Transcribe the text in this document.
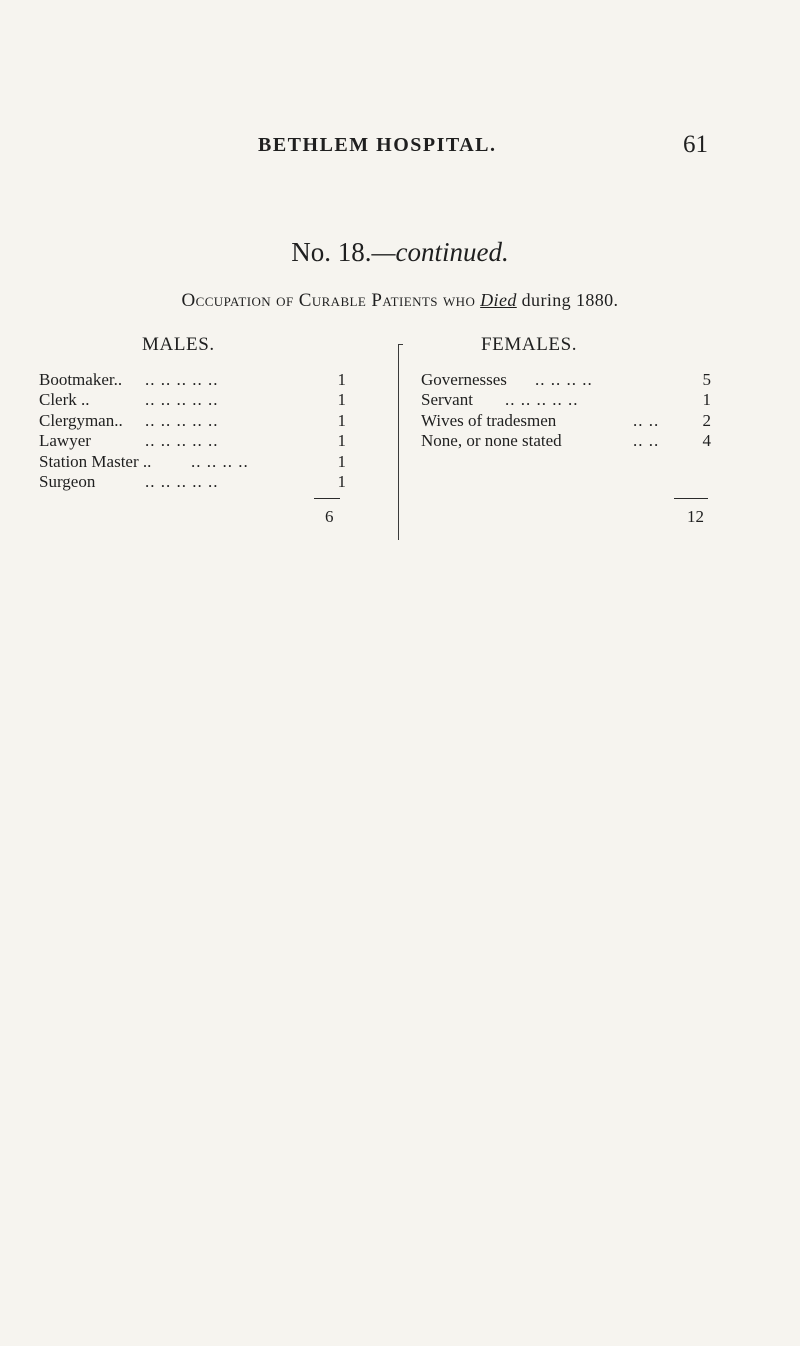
BETHLEM HOSPITAL.	61
No. 18.—continued.
Occupation of Curable Patients who Died during 1880.
MALES.	FEMALES.
Bootmaker.. .. .. .. .. ..	1
Clerk ..	.. .. .. .. ..	1
Clergyman.. .. .. .. .. ..	1
Lawyer	.. .. .. .. ..	1
Station Master .. .. .. .. ..	1
Surgeon	.. .. .. .. ..	1
Governesses .. .. .. ..	5
Servant .. .. .. .. ..	1
Wives of tradesmen	.. ..	2
None, or none stated	.. ..	4
6	12
